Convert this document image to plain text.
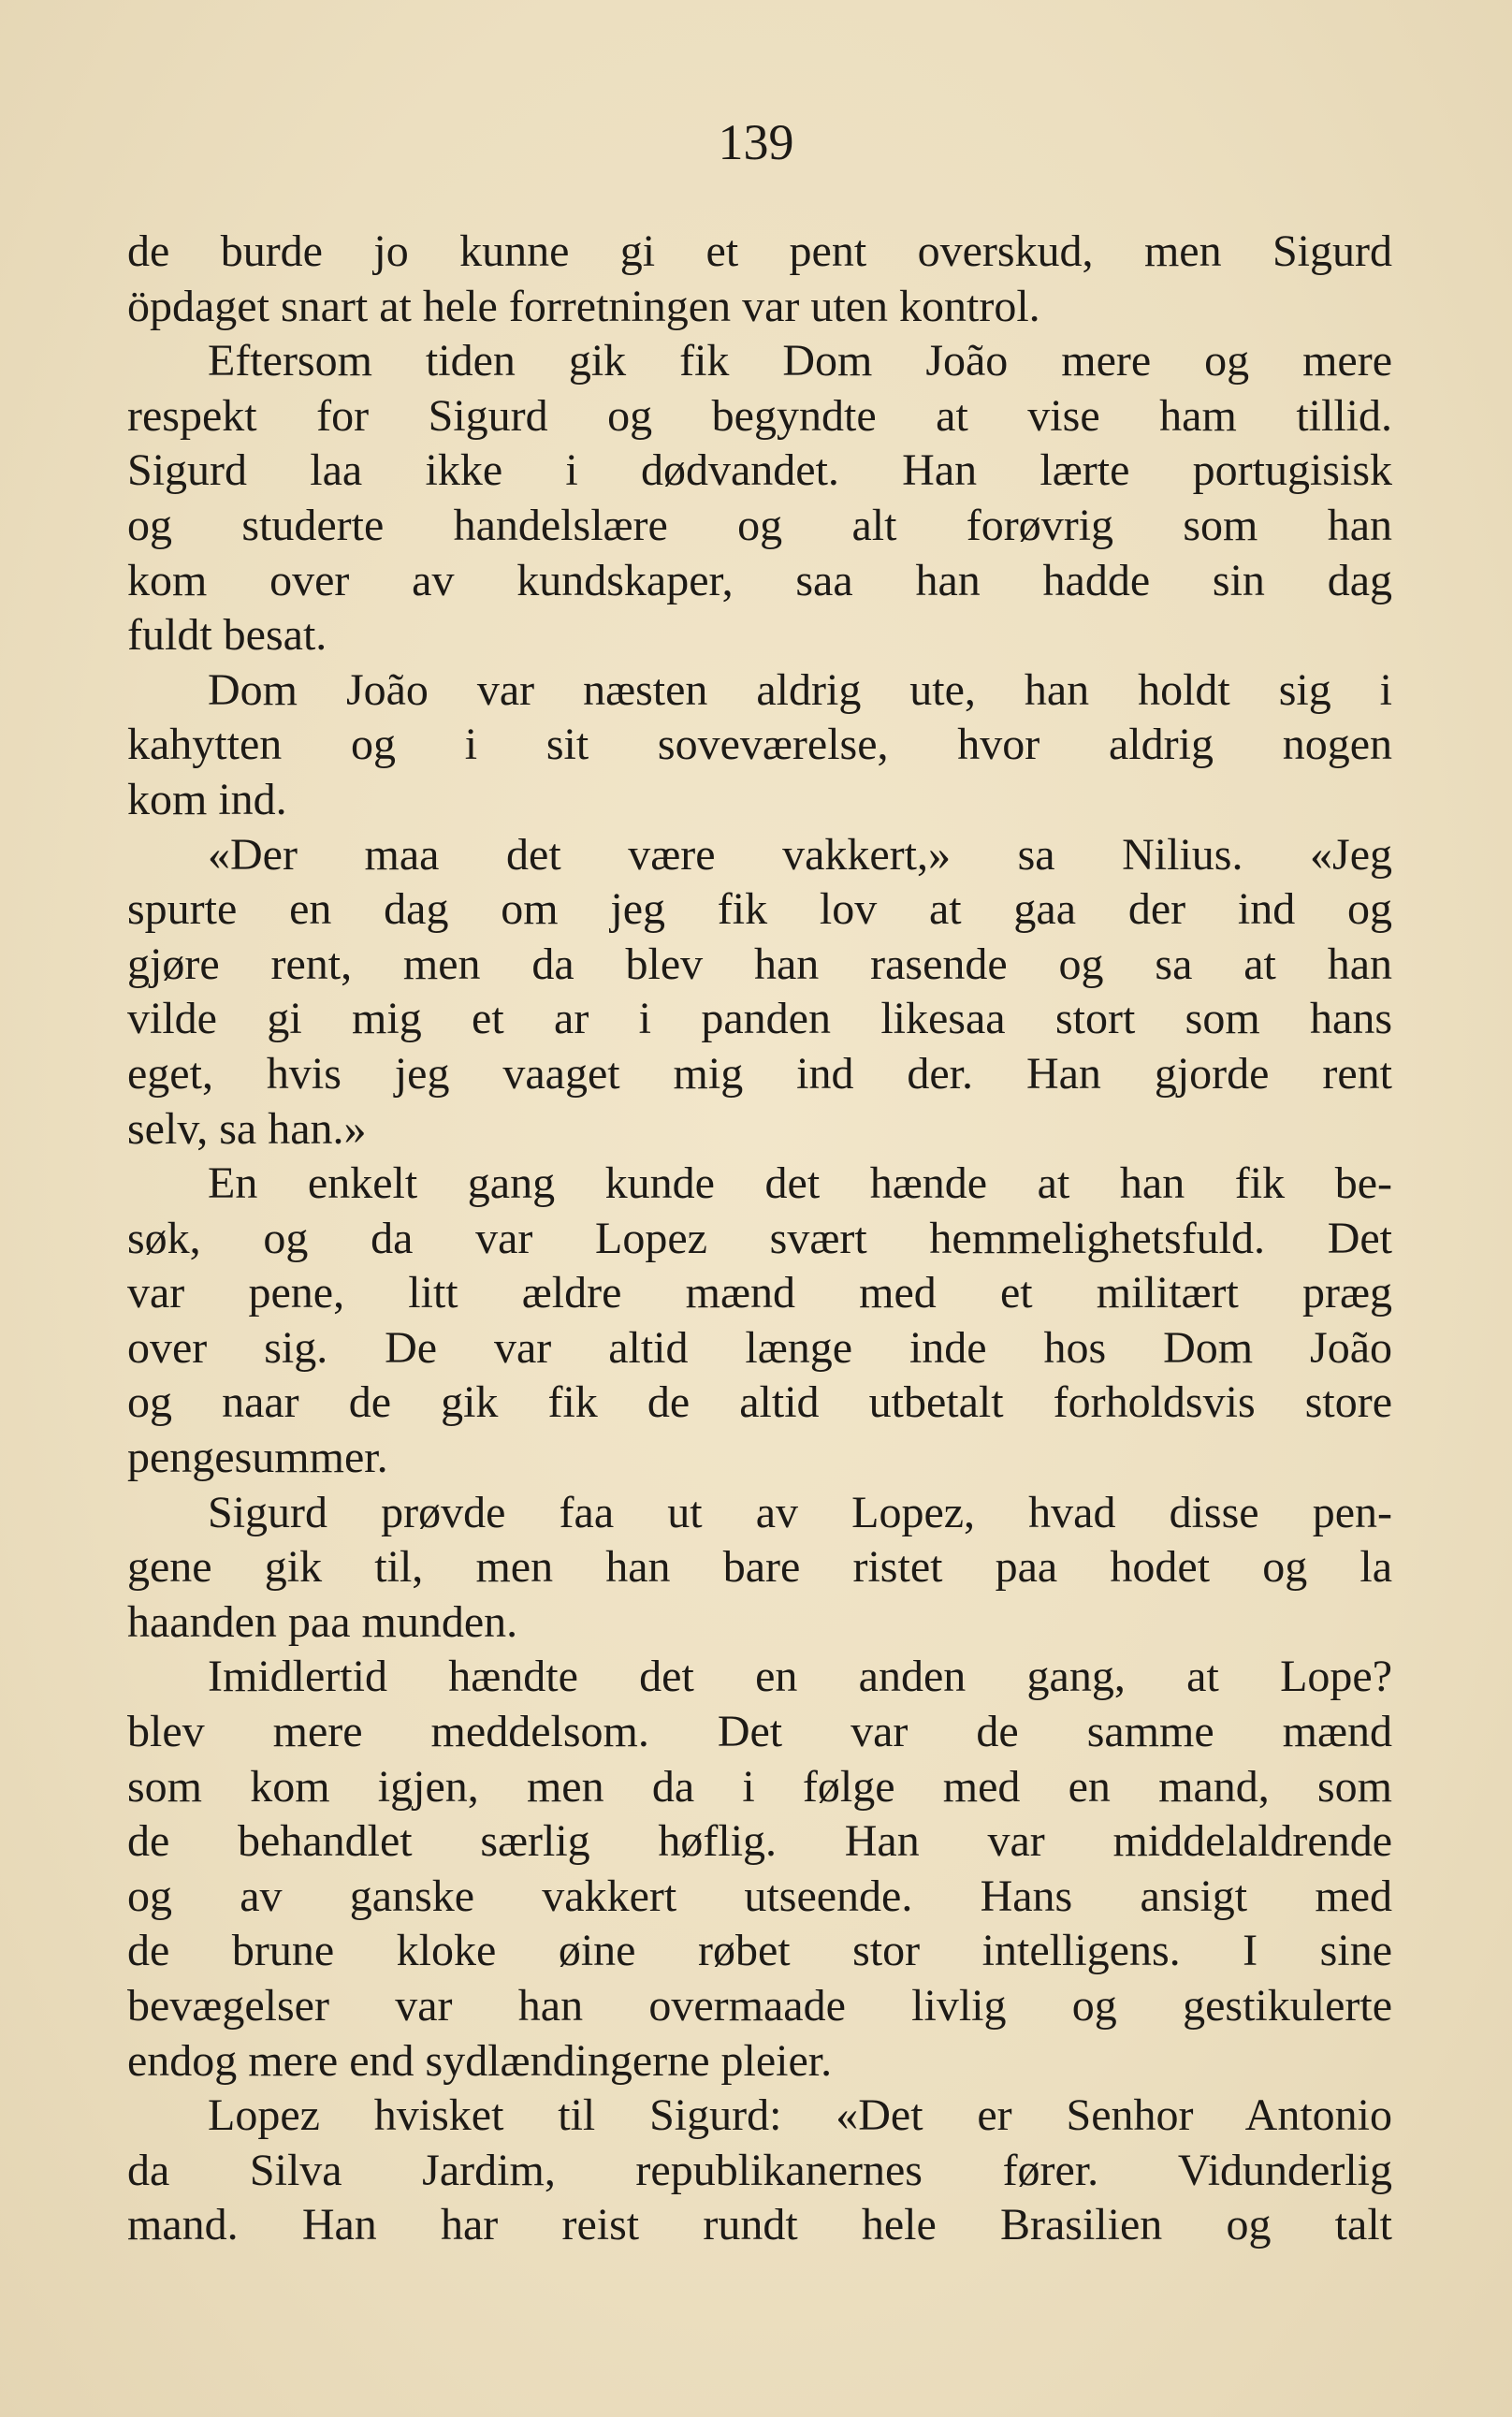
139
de burde jo kunne gi et pent overskud, men Sigurd
öpdaget snart at hele forretningen var uten kontrol.
Eftersom tiden gik fik Dom João mere og mere
respekt for Sigurd og begyndte at vise ham tillid.
Sigurd laa ikke i dødvandet. Han lærte portugisisk
og studerte handelslære og alt forøvrig som han
kom over av kundskaper, saa han hadde sin dag
fuldt besat.
Dom João var næsten aldrig ute, han holdt sig i
kahytten og i sit soveværelse, hvor aldrig nogen
kom ind.
«Der maa det være vakkert,» sa Nilius. «Jeg
spurte en dag om jeg fik lov at gaa der ind og
gjøre rent, men da blev han rasende og sa at han
vilde gi mig et ar i panden likesaa stort som hans
eget, hvis jeg vaaget mig ind der. Han gjorde rent
selv, sa han.»
En enkelt gang kunde det hænde at han fik be-
søk, og da var Lopez svært hemmelighetsfuld. Det
var pene, litt ældre mænd med et militært præg
over sig. De var altid længe inde hos Dom João
og naar de gik fik de altid utbetalt forholdsvis store
pengesummer.
Sigurd prøvde faa ut av Lopez, hvad disse pen-
gene gik til, men han bare ristet paa hodet og la
haanden paa munden.
Imidlertid hændte det en anden gang, at Lope?
blev mere meddelsom. Det var de samme mænd
som kom igjen, men da i følge med en mand, som
de behandlet særlig høflig. Han var middelaldrende
og av ganske vakkert utseende. Hans ansigt med
de brune kloke øine røbet stor intelligens. I sine
bevægelser var han overmaade livlig og gestikulerte
endog mere end sydlændingerne pleier.
Lopez hvisket til Sigurd: «Det er Senhor Antonio
da Silva Jardim, republikanernes fører. Vidunderlig
mand. Han har reist rundt hele Brasilien og talt
